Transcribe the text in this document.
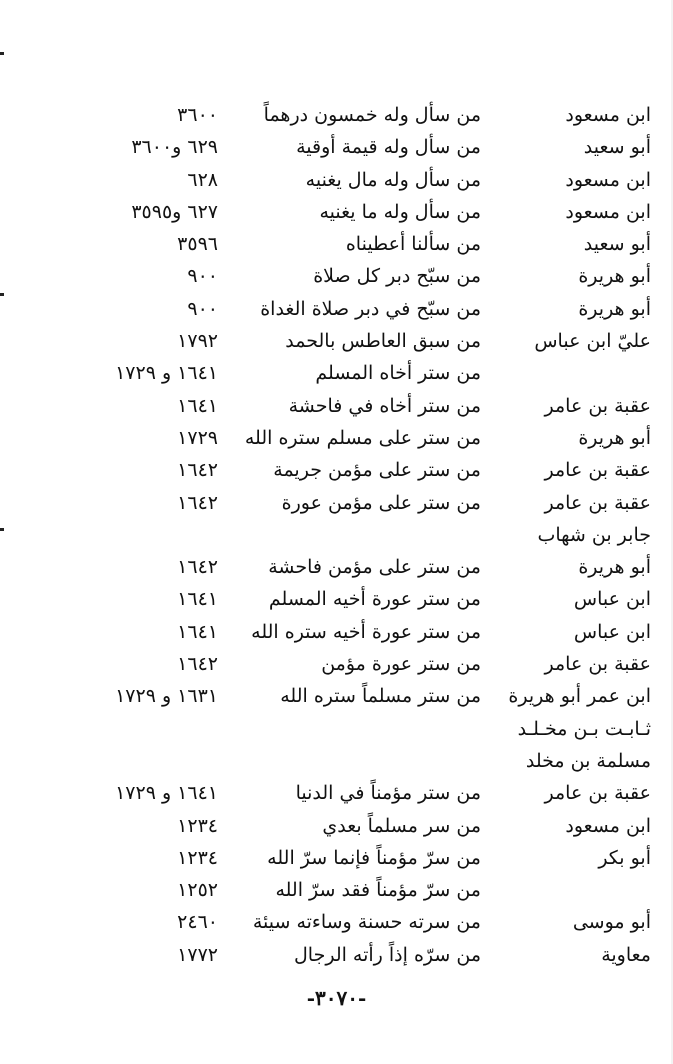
ابن مسعود
من سأل وله خمسون درهماً
٣٦٠٠
أبو سعيد
من سأل وله قيمة أوقية
٦٢٩ و٣٦٠٠
ابن مسعود
من سأل وله مال يغنيه
٦٢٨
ابن مسعود
من سأل وله ما يغنيه
٦٢٧ و٣٥٩٥
أبو سعيد
من سألنا أعطيناه
٣٥٩٦
أبو هريرة
من سبّح دبر كل صلاة
٩٠٠
أبو هريرة
من سبّح في دبر صلاة الغداة
٩٠٠
عليّ ابن عباس
من سبق العاطس بالحمد
١٧٩٢
من ستر أخاه المسلم
١٦٤١ و ١٧٢٩
عقبة بن عامر
من ستر أخاه في فاحشة
١٦٤١
أبو هريرة
من ستر على مسلم ستره الله
١٧٢٩
عقبة بن عامر
من ستر على مؤمن جريمة
١٦٤٢
عقبة بن عامر
من ستر على مؤمن عورة
١٦٤٢
جابر بن شهاب
أبو هريرة
من ستر على مؤمن فاحشة
١٦٤٢
ابن عباس
من ستر عورة أخيه المسلم
١٦٤١
ابن عباس
من ستر عورة أخيه ستره الله
١٦٤١
عقبة بن عامر
من ستر عورة مؤمن
١٦٤٢
ابن عمر أبو هريرة
من ستر مسلماً ستره الله
١٦٣١ و ١٧٢٩
ثـابـت بـن مخـلـد
مسلمة بن مخلد
عقبة بن عامر
من ستر مؤمناً في الدنيا
١٦٤١ و ١٧٢٩
ابن مسعود
من سر مسلماً بعدي
١٢٣٤
أبو بكر
من سرّ مؤمناً فإنما سرّ الله
١٢٣٤
من سرّ مؤمناً فقد سرّ الله
١٢٥٢
أبو موسى
من سرته حسنة وساءته سيئة
٢٤٦٠
معاوية
من سرّه إذاً رأته الرجال
١٧٧٢
-٣٠٧٠-
